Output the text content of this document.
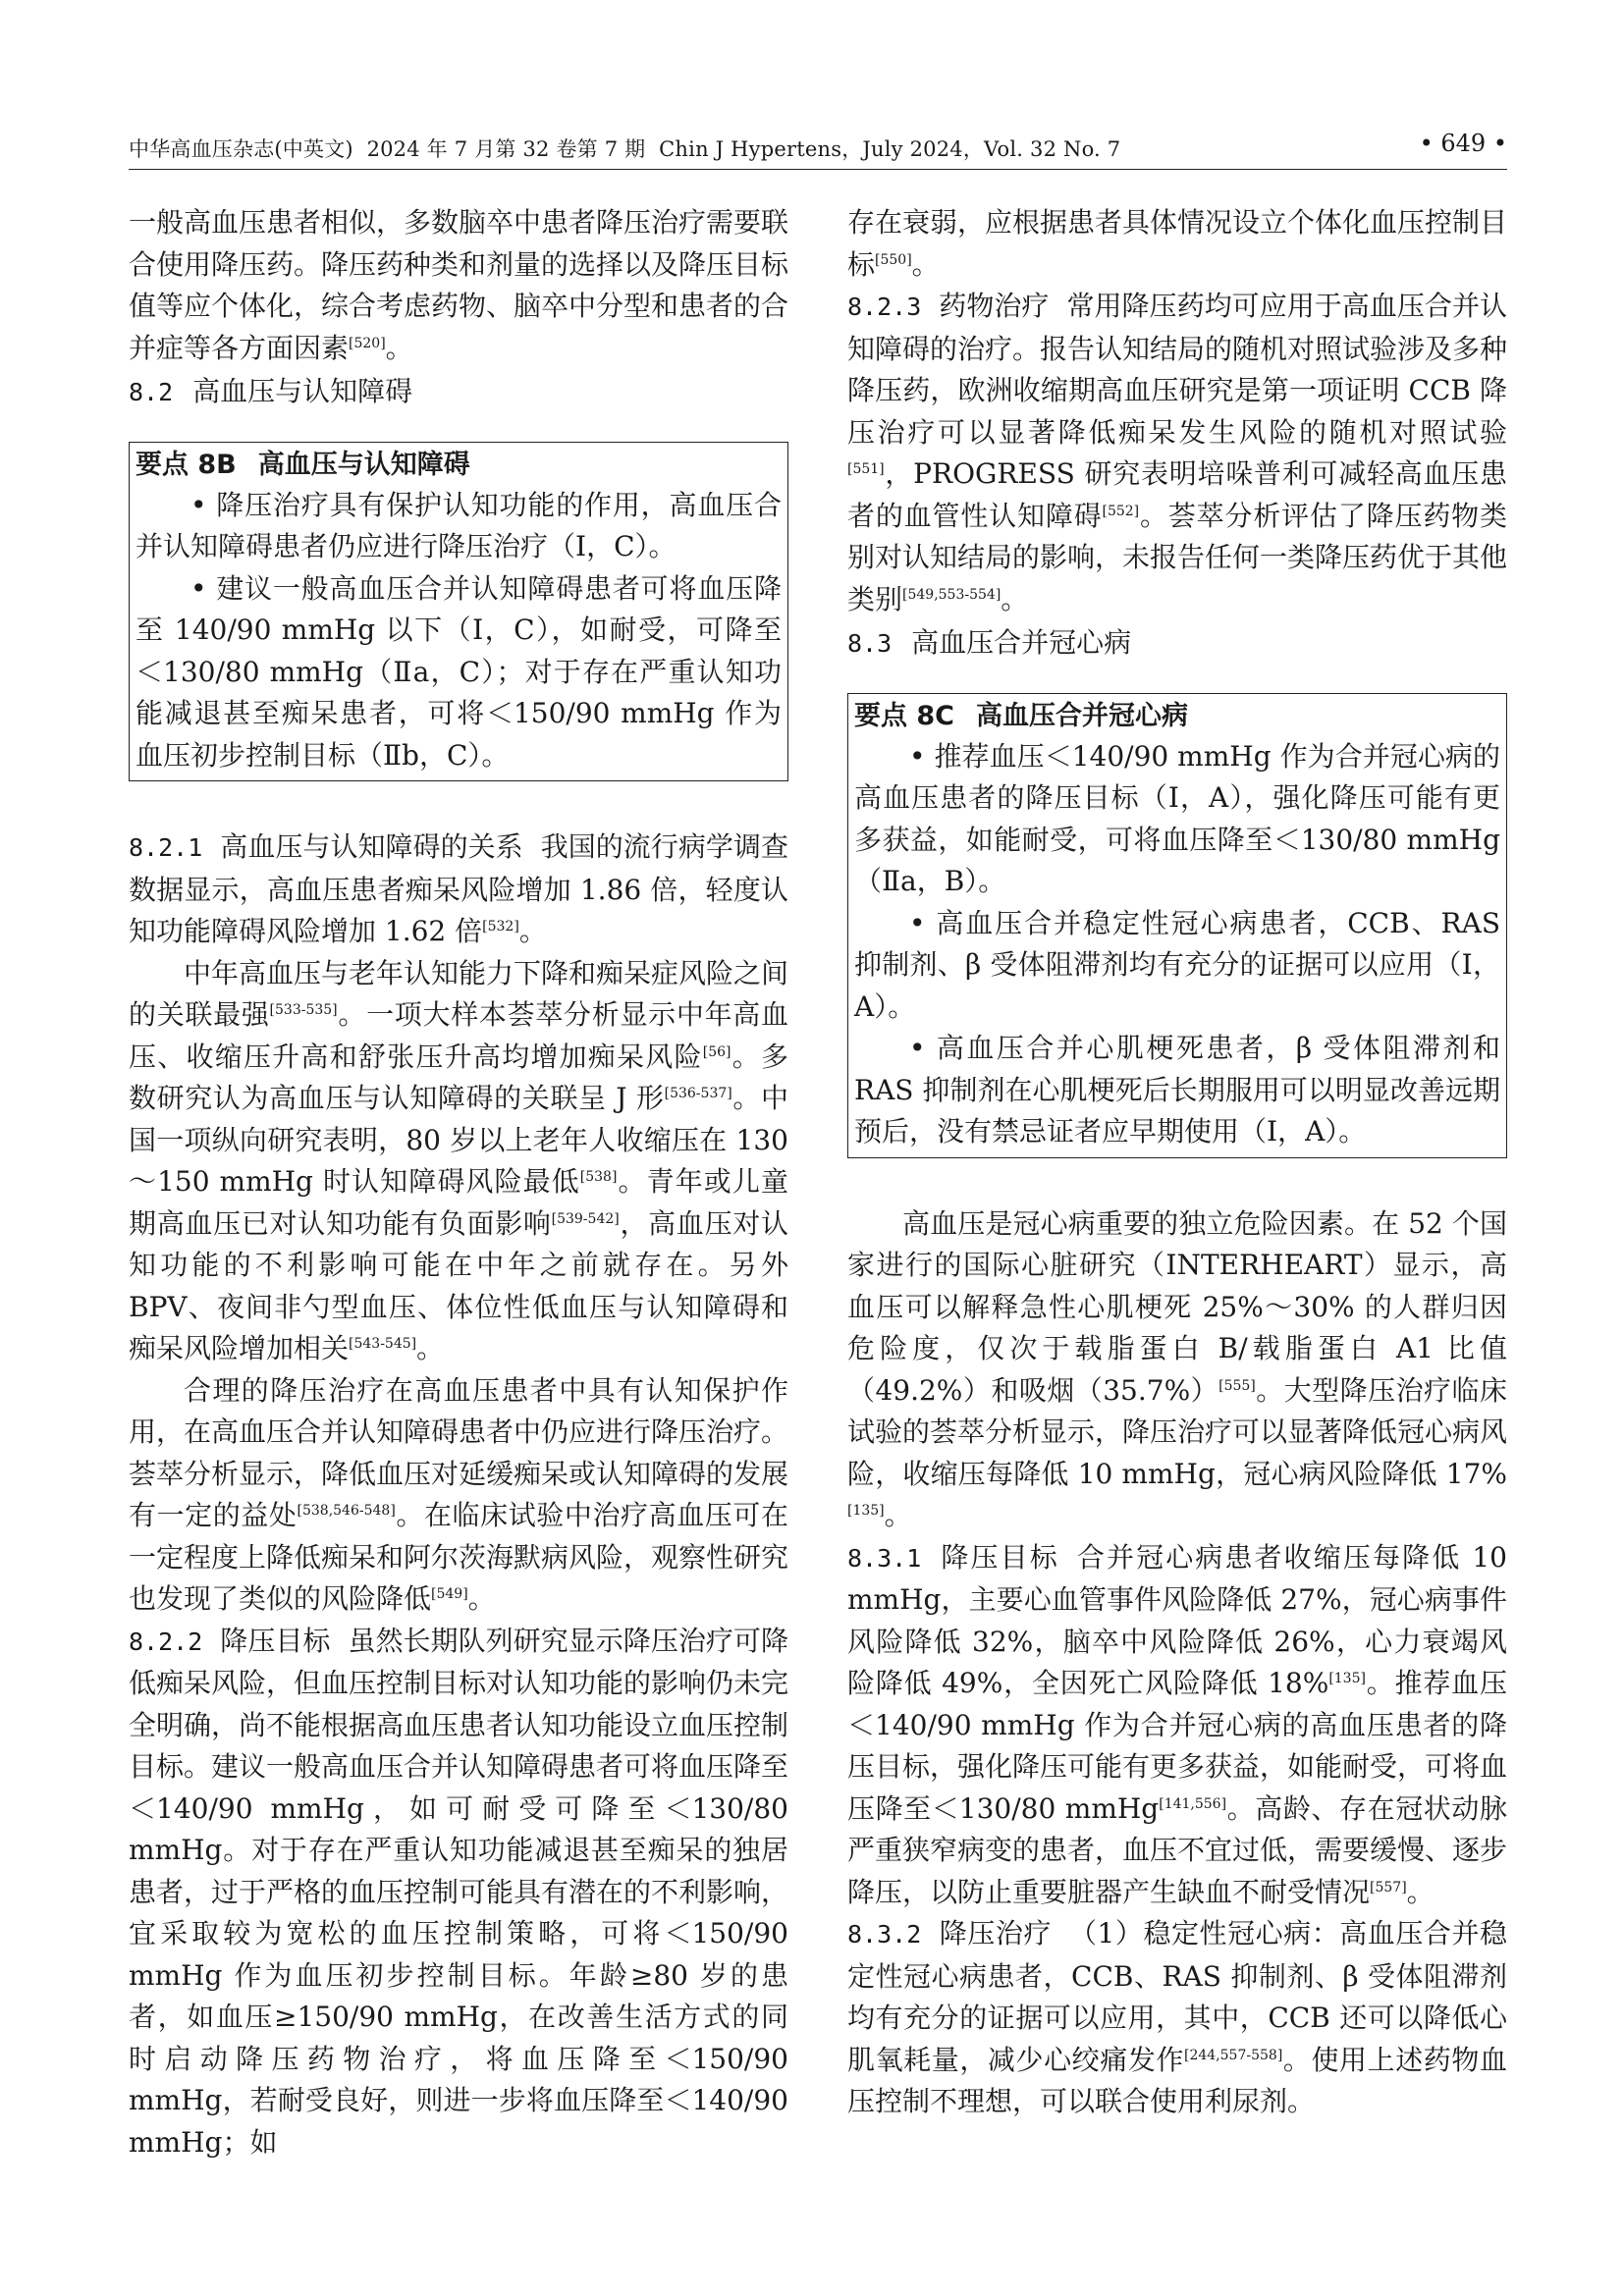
中华高血压杂志(中英文) 2024 年 7 月第 32 卷第 7 期 Chin J Hypertens，July 2024，Vol. 32 No. 7	• 649 •

一般高血压患者相似，多数脑卒中患者降压治疗需要联合使用降压药。降压药种类和剂量的选择以及降压目标值等应个体化，综合考虑药物、脑卒中分型和患者的合并症等各方面因素[520]。

8.2 高血压与认知障碍

要点 8B 高血压与认知障碍

• 降压治疗具有保护认知功能的作用，高血压合并认知障碍患者仍应进行降压治疗（Ⅰ，C）。

• 建议一般高血压合并认知障碍患者可将血压降至 140/90 mmHg 以下（Ⅰ，C），如耐受，可降至＜130/80 mmHg（Ⅱa，C）；对于存在严重认知功能减退甚至痴呆患者，可将＜150/90 mmHg 作为血压初步控制目标（Ⅱb，C）。

8.2.1 高血压与认知障碍的关系 我国的流行病学调查数据显示，高血压患者痴呆风险增加 1.86 倍，轻度认知功能障碍风险增加 1.62 倍[532]。

中年高血压与老年认知能力下降和痴呆症风险之间的关联最强[533-535]。一项大样本荟萃分析显示中年高血压、收缩压升高和舒张压升高均增加痴呆风险[56]。多数研究认为高血压与认知障碍的关联呈 J 形[536-537]。中国一项纵向研究表明，80 岁以上老年人收缩压在 130～150 mmHg 时认知障碍风险最低[538]。青年或儿童期高血压已对认知功能有负面影响[539-542]，高血压对认知功能的不利影响可能在中年之前就存在。另外 BPV、夜间非勺型血压、体位性低血压与认知障碍和痴呆风险增加相关[543-545]。

合理的降压治疗在高血压患者中具有认知保护作用，在高血压合并认知障碍患者中仍应进行降压治疗。荟萃分析显示，降低血压对延缓痴呆或认知障碍的发展有一定的益处[538,546-548]。在临床试验中治疗高血压可在一定程度上降低痴呆和阿尔茨海默病风险，观察性研究也发现了类似的风险降低[549]。

8.2.2 降压目标 虽然长期队列研究显示降压治疗可降低痴呆风险，但血压控制目标对认知功能的影响仍未完全明确，尚不能根据高血压患者认知功能设立血压控制目标。建议一般高血压合并认知障碍患者可将血压降至＜140/90 mmHg，如可耐受可降至＜130/80 mmHg。对于存在严重认知功能减退甚至痴呆的独居患者，过于严格的血压控制可能具有潜在的不利影响，宜采取较为宽松的血压控制策略，可将＜150/90 mmHg 作为血压初步控制目标。年龄≥80 岁的患者，如血压≥150/90 mmHg，在改善生活方式的同时启动降压药物治疗，将血压降至＜150/90 mmHg，若耐受良好，则进一步将血压降至＜140/90 mmHg；如

存在衰弱，应根据患者具体情况设立个体化血压控制目标[550]。

8.2.3 药物治疗 常用降压药均可应用于高血压合并认知障碍的治疗。报告认知结局的随机对照试验涉及多种降压药，欧洲收缩期高血压研究是第一项证明 CCB 降压治疗可以显著降低痴呆发生风险的随机对照试验[551]，PROGRESS 研究表明培哚普利可减轻高血压患者的血管性认知障碍[552]。荟萃分析评估了降压药物类别对认知结局的影响，未报告任何一类降压药优于其他类别[549,553-554]。

8.3 高血压合并冠心病

要点 8C 高血压合并冠心病

• 推荐血压＜140/90 mmHg 作为合并冠心病的高血压患者的降压目标（Ⅰ，A），强化降压可能有更多获益，如能耐受，可将血压降至＜130/80 mmHg（Ⅱa，B）。

• 高血压合并稳定性冠心病患者，CCB、RAS 抑制剂、β 受体阻滞剂均有充分的证据可以应用（Ⅰ，A）。

• 高血压合并心肌梗死患者，β 受体阻滞剂和 RAS 抑制剂在心肌梗死后长期服用可以明显改善远期预后，没有禁忌证者应早期使用（Ⅰ，A）。

高血压是冠心病重要的独立危险因素。在 52 个国家进行的国际心脏研究（INTERHEART）显示，高血压可以解释急性心肌梗死 25%～30% 的人群归因危险度，仅次于载脂蛋白 B/载脂蛋白 A1 比值（49.2%）和吸烟（35.7%）[555]。大型降压治疗临床试验的荟萃分析显示，降压治疗可以显著降低冠心病风险，收缩压每降低 10 mmHg，冠心病风险降低 17%[135]。

8.3.1 降压目标 合并冠心病患者收缩压每降低 10 mmHg，主要心血管事件风险降低 27%，冠心病事件风险降低 32%，脑卒中风险降低 26%，心力衰竭风险降低 49%，全因死亡风险降低 18%[135]。推荐血压＜140/90 mmHg 作为合并冠心病的高血压患者的降压目标，强化降压可能有更多获益，如能耐受，可将血压降至＜130/80 mmHg[141,556]。高龄、存在冠状动脉严重狭窄病变的患者，血压不宜过低，需要缓慢、逐步降压，以防止重要脏器产生缺血不耐受情况[557]。

8.3.2 降压治疗 （1）稳定性冠心病：高血压合并稳定性冠心病患者，CCB、RAS 抑制剂、β 受体阻滞剂均有充分的证据可以应用，其中，CCB 还可以降低心肌氧耗量，减少心绞痛发作[244,557-558]。使用上述药物血压控制不理想，可以联合使用利尿剂。
